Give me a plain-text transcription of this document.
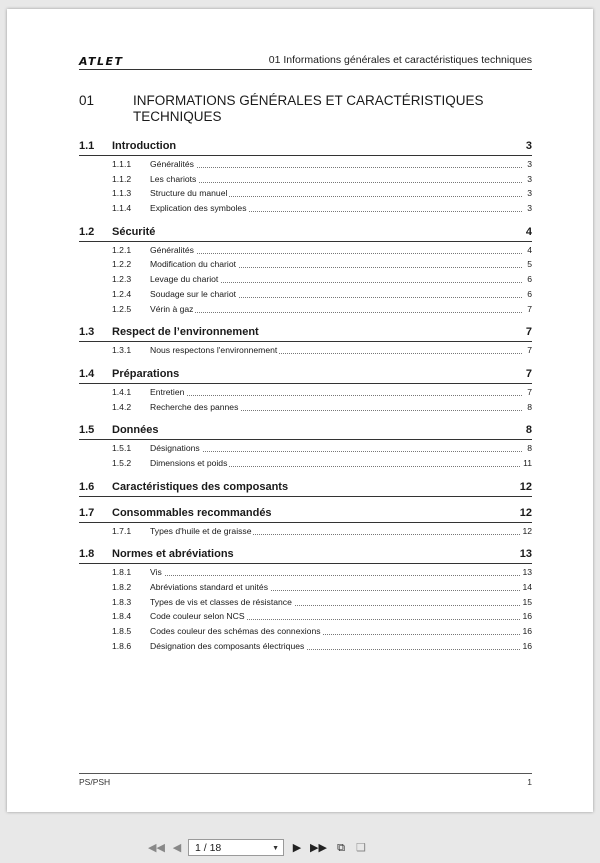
ATLET	01 Informations générales et caractéristiques techniques
01	INFORMATIONS GÉNÉRALES ET CARACTÉRISTIQUES TECHNIQUES
1.1 Introduction	3
1.1.1 Généralités	3
1.1.2 Les chariots	3
1.1.3 Structure du manuel	3
1.1.4 Explication des symboles	3
1.2 Sécurité	4
1.2.1 Généralités	4
1.2.2 Modification du chariot	5
1.2.3 Levage du chariot	6
1.2.4 Soudage sur le chariot	6
1.2.5 Vérin à gaz	7
1.3 Respect de l’environnement	7
1.3.1 Nous respectons l'environnement	7
1.4 Préparations	7
1.4.1 Entretien	7
1.4.2 Recherche des pannes	8
1.5 Données	8
1.5.1 Désignations	8
1.5.2 Dimensions et poids	11
1.6 Caractéristiques des composants	12
1.7 Consommables recommandés	12
1.7.1 Types d'huile et de graisse	12
1.8 Normes et abréviations	13
1.8.1 Vis	13
1.8.2 Abréviations standard et unités	14
1.8.3 Types de vis et classes de résistance	15
1.8.4 Code couleur selon NCS	16
1.8.5 Codes couleur des schémas des connexions	16
1.8.6 Désignation des composants électriques	16
PS/PSH	1
◀◀ ◀	1 / 18	▼ ▶ ▶▶ ⧉ ❑
